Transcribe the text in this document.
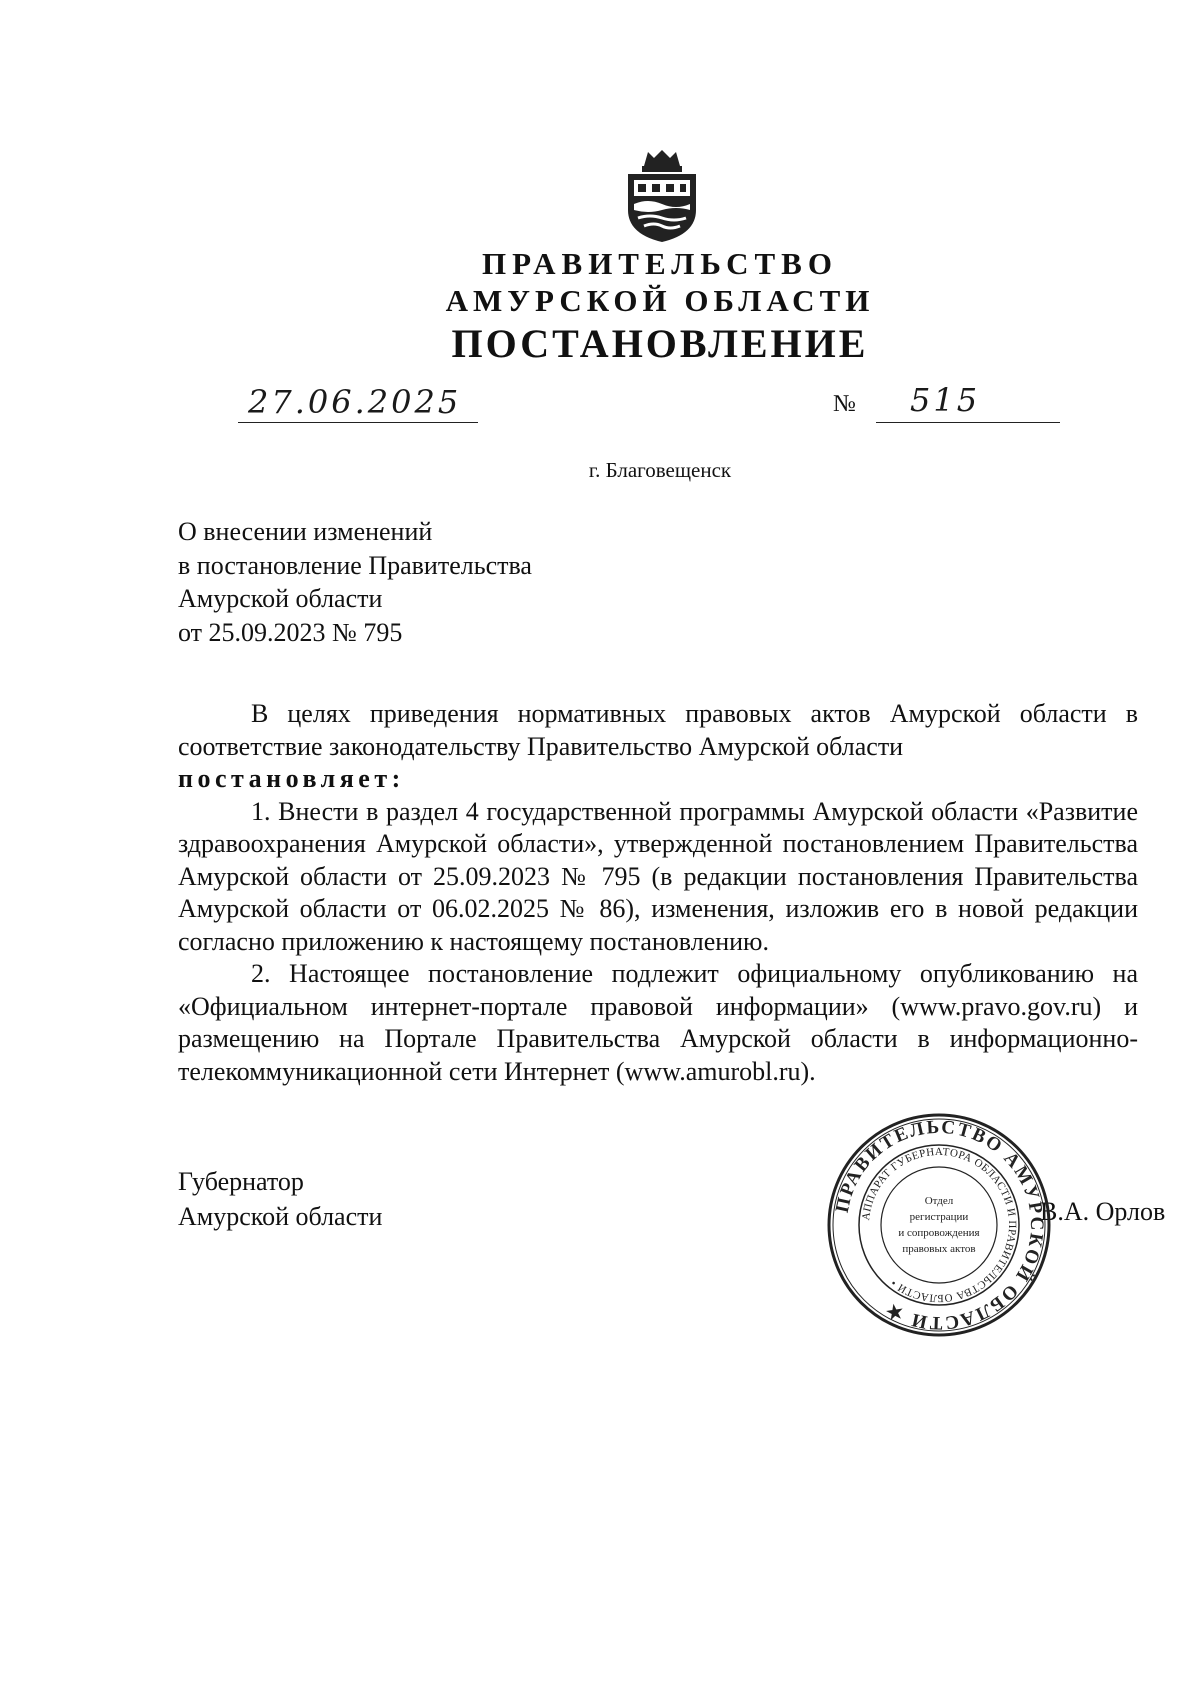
ПРАВИТЕЛЬСТВО
АМУРСКОЙ ОБЛАСТИ
ПОСТАНОВЛЕНИЕ
27.06.2025	№ 515
г. Благовещенск
О внесении изменений
в постановление Правительства
Амурской области
от 25.09.2023 № 795

В целях приведения нормативных правовых актов Амурской области в соответствие законодательству Правительство Амурской области

постановляет:

1. Внести в раздел 4 государственной программы Амурской области «Развитие здравоохранения Амурской области», утвержденной постановлением Правительства Амурской области от 25.09.2023 № 795 (в редакции постановления Правительства Амурской области от 06.02.2025 № 86), изменения, изложив его в новой редакции согласно приложению к настоящему постановлению.

2. Настоящее постановление подлежит официальному опубликованию на «Официальном интернет-портале правовой информации» (www.pravo.gov.ru) и размещению на Портале Правительства Амурской области в информационно-телекоммуникационной сети Интернет (www.amurobl.ru).

Губернатор
Амурской области	В.А. Орлов
ПРАВИТЕЛЬСТВО АМУРСКОЙ ОБЛАСТИ ★
АППАРАТ ГУБЕРНАТОРА ОБЛАСТИ И ПРАВИТЕЛЬСТВА ОБЛАСТИ •
Отдел
регистрации
и сопровождения
правовых актов
